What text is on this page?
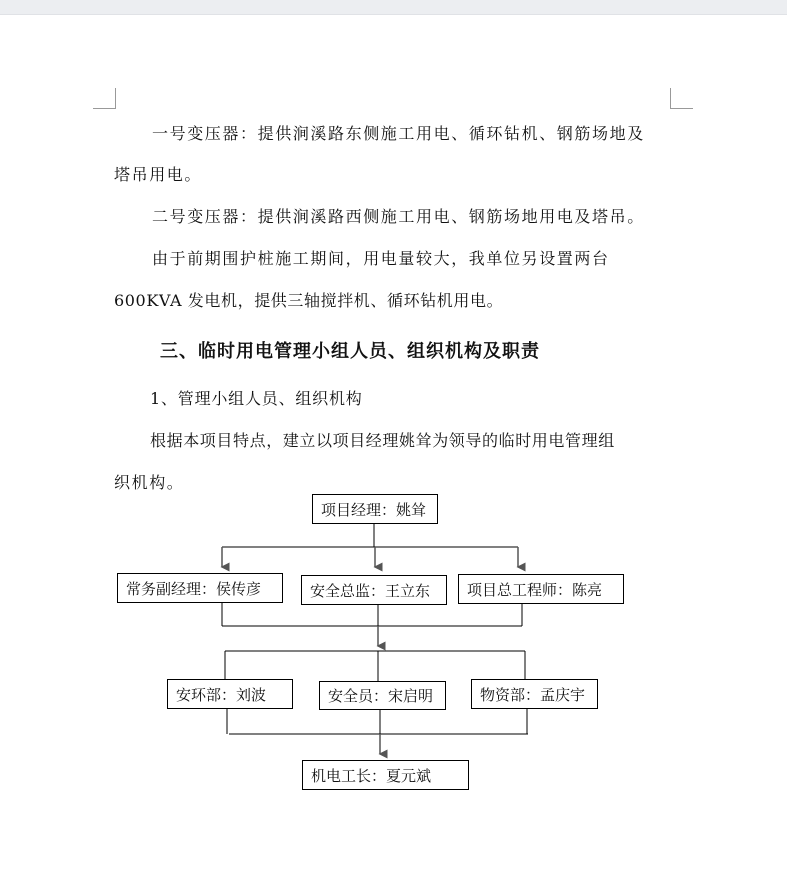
一号变压器：提供涧溪路东侧施工用电、循环钻机、钢筋场地及
塔吊用电。
二号变压器：提供涧溪路西侧施工用电、钢筋场地用电及塔吊。
由于前期围护桩施工期间，用电量较大，我单位另设置两台
600KVA 发电机，提供三轴搅拌机、循环钻机用电。
三、临时用电管理小组人员、组织机构及职责
1、管理小组人员、组织机构
根据本项目特点，建立以项目经理姚耸为领导的临时用电管理组
织机构。
项目经理：姚耸
常务副经理：侯传彦	安全总监：王立东	项目总工程师：陈亮
安环部：刘波	安全员：宋启明	物资部：孟庆宇
机电工长：夏元斌
